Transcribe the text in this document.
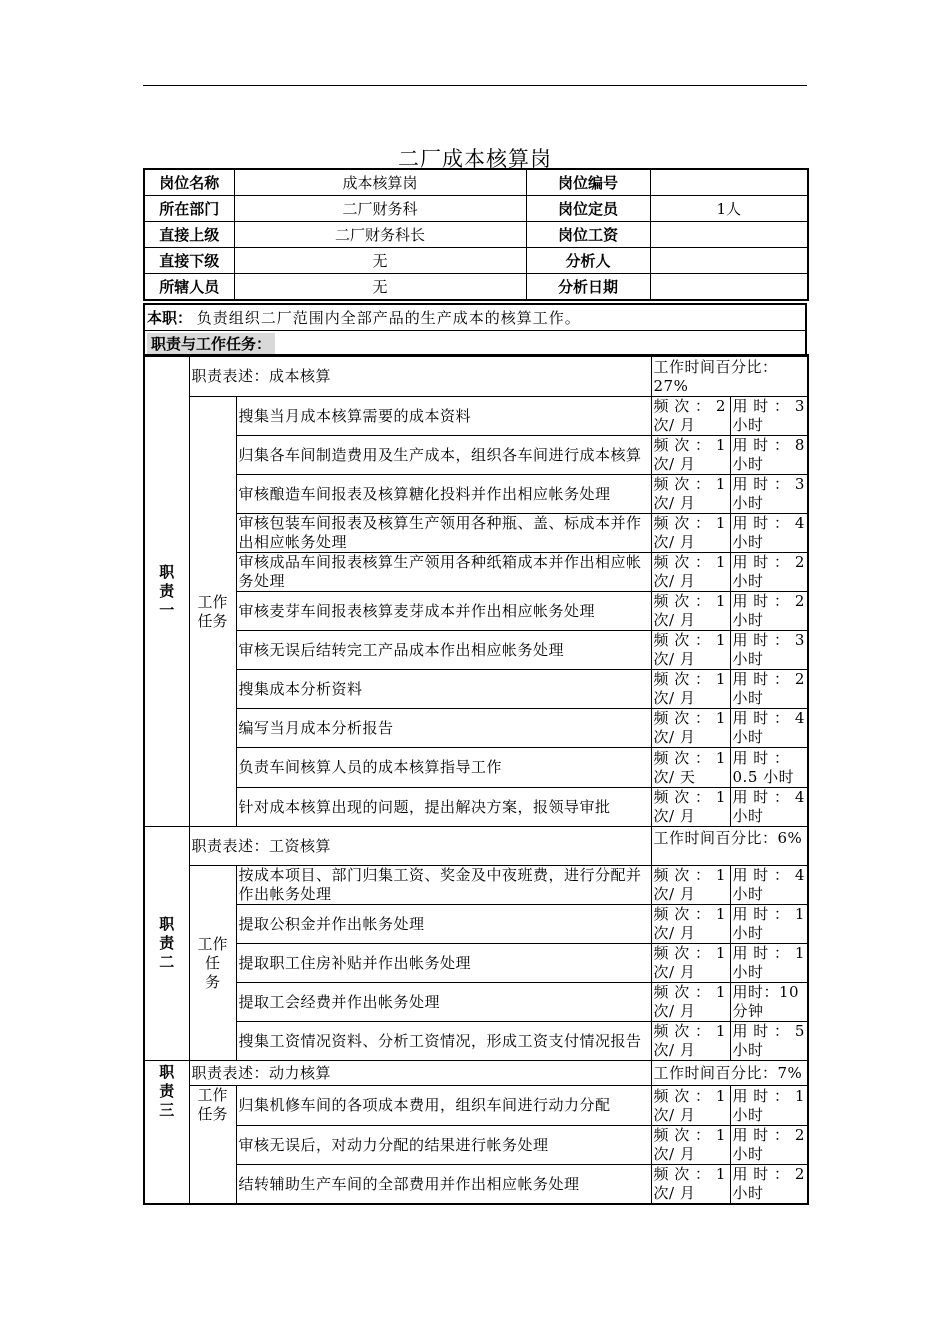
二厂成本核算岗
岗位名称	成本核算岗	岗位编号	
所在部门	二厂财务科	岗位定员	1人
直接上级	二厂财务科长	岗位工资	
直接下级	无	分析人	
所辖人员	无	分析日期	
本职： 负责组织二厂范围内全部产品的生产成本的核算工作。
职责与工作任务：
职
责
一	职责表述：成本核算		工作时间百分比：27%	
	工作
任务	搜集当月成本核算需要的成本资料	频 次 ： 2 次/ 月	用 时 ： 3 小时
		归集各车间制造费用及生产成本，组织各车间进行成本核算	频 次 ： 1 次/ 月	用 时 ： 8 小时
		审核酿造车间报表及核算糖化投料并作出相应帐务处理	频 次 ： 1 次/ 月	用 时 ： 3 小时
		审核包装车间报表及核算生产领用各种瓶、盖、标成本并作出相应帐务处理	频 次 ： 1 次/ 月	用 时 ： 4 小时
		审核成品车间报表核算生产领用各种纸箱成本并作出相应帐务处理	频 次 ： 1 次/ 月	用 时 ： 2 小时
		审核麦芽车间报表核算麦芽成本并作出相应帐务处理	频 次 ： 1 次/ 月	用 时 ： 2 小时
		审核无误后结转完工产品成本作出相应帐务处理	频 次 ： 1 次/ 月	用 时 ： 3 小时
		搜集成本分析资料	频 次 ： 1 次/ 月	用 时 ： 2 小时
		编写当月成本分析报告	频 次 ： 1 次/ 月	用 时 ： 4 小时
		负责车间核算人员的成本核算指导工作	频 次 ： 1 次/ 天	用 时 ： 0.5 小时
		针对成本核算出现的问题，提出解决方案，报领导审批	频 次 ： 1 次/ 月	用 时 ： 4 小时
职
责
二	职责表述：工资核算		工作时间百分比：6%	
	工作
任
务	按成本项目、部门归集工资、奖金及中夜班费，进行分配并作出帐务处理	频 次 ： 1 次/ 月	用 时 ： 4 小时
		提取公积金并作出帐务处理	频 次 ： 1 次/ 月	用 时 ： 1 小时
		提取职工住房补贴并作出帐务处理	频 次 ： 1 次/ 月	用 时 ： 1 小时
		提取工会经费并作出帐务处理	频 次 ： 1 次/ 月	用时：10 分钟
		搜集工资情况资料、分析工资情况，形成工资支付情况报告	频 次 ： 1 次/ 月	用 时 ： 5 小时
职
责
三	职责表述：动力核算		工作时间百分比：7%	
	工作
任务	归集机修车间的各项成本费用，组织车间进行动力分配	频 次 ： 1 次/ 月	用 时 ： 1 小时
		审核无误后，对动力分配的结果进行帐务处理	频 次 ： 1 次/ 月	用 时 ： 2 小时
		结转辅助生产车间的全部费用并作出相应帐务处理	频 次 ： 1 次/ 月	用 时 ： 2 小时
